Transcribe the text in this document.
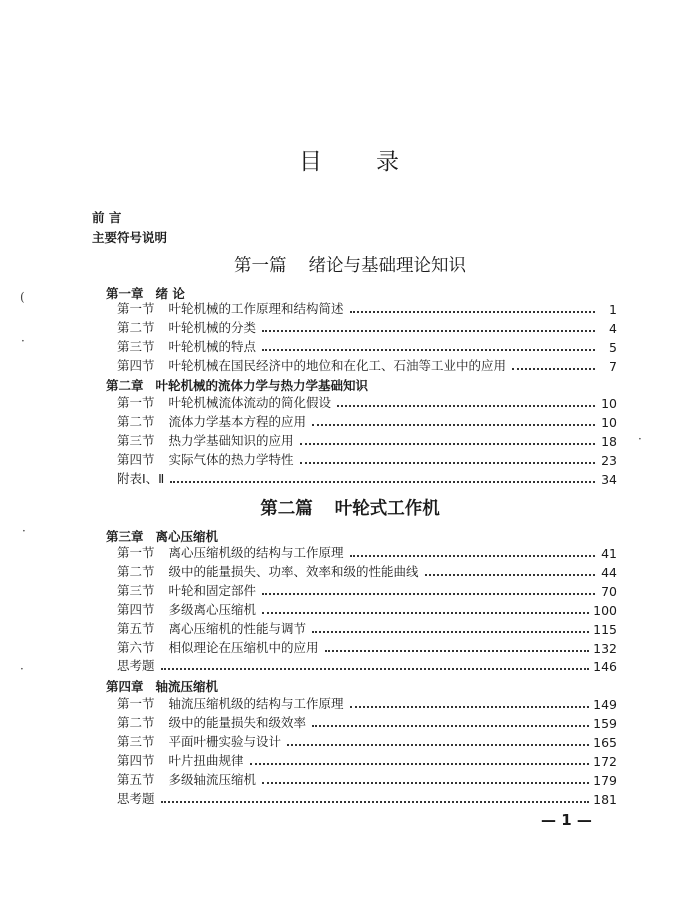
目 录
前 言
主要符号说明
第一篇 绪论与基础理论知识
第一章 绪 论
第一节 叶轮机械的工作原理和结构简述	1
第二节 叶轮机械的分类	4
第三节 叶轮机械的特点	5
第四节 叶轮机械在国民经济中的地位和在化工、石油等工业中的应用	7
第二章 叶轮机械的流体力学与热力学基础知识
第一节 叶轮机械流体流动的简化假设	10
第二节 流体力学基本方程的应用	10
第三节 热力学基础知识的应用	18
第四节 实际气体的热力学特性	23
附表Ⅰ、Ⅱ	34
第二篇 叶轮式工作机
第三章 离心压缩机
第一节 离心压缩机级的结构与工作原理	41
第二节 级中的能量损失、功率、效率和级的性能曲线	44
第三节 叶轮和固定部件	70
第四节 多级离心压缩机	100
第五节 离心压缩机的性能与调节	115
第六节 相似理论在压缩机中的应用	132
思考题	146
第四章 轴流压缩机
第一节 轴流压缩机级的结构与工作原理	149
第二节 级中的能量损失和级效率	159
第三节 平面叶栅实验与设计	165
第四节 叶片扭曲规律	172
第五节 多级轴流压缩机	179
思考题	181
— 1 —
(
·
·
·
·
